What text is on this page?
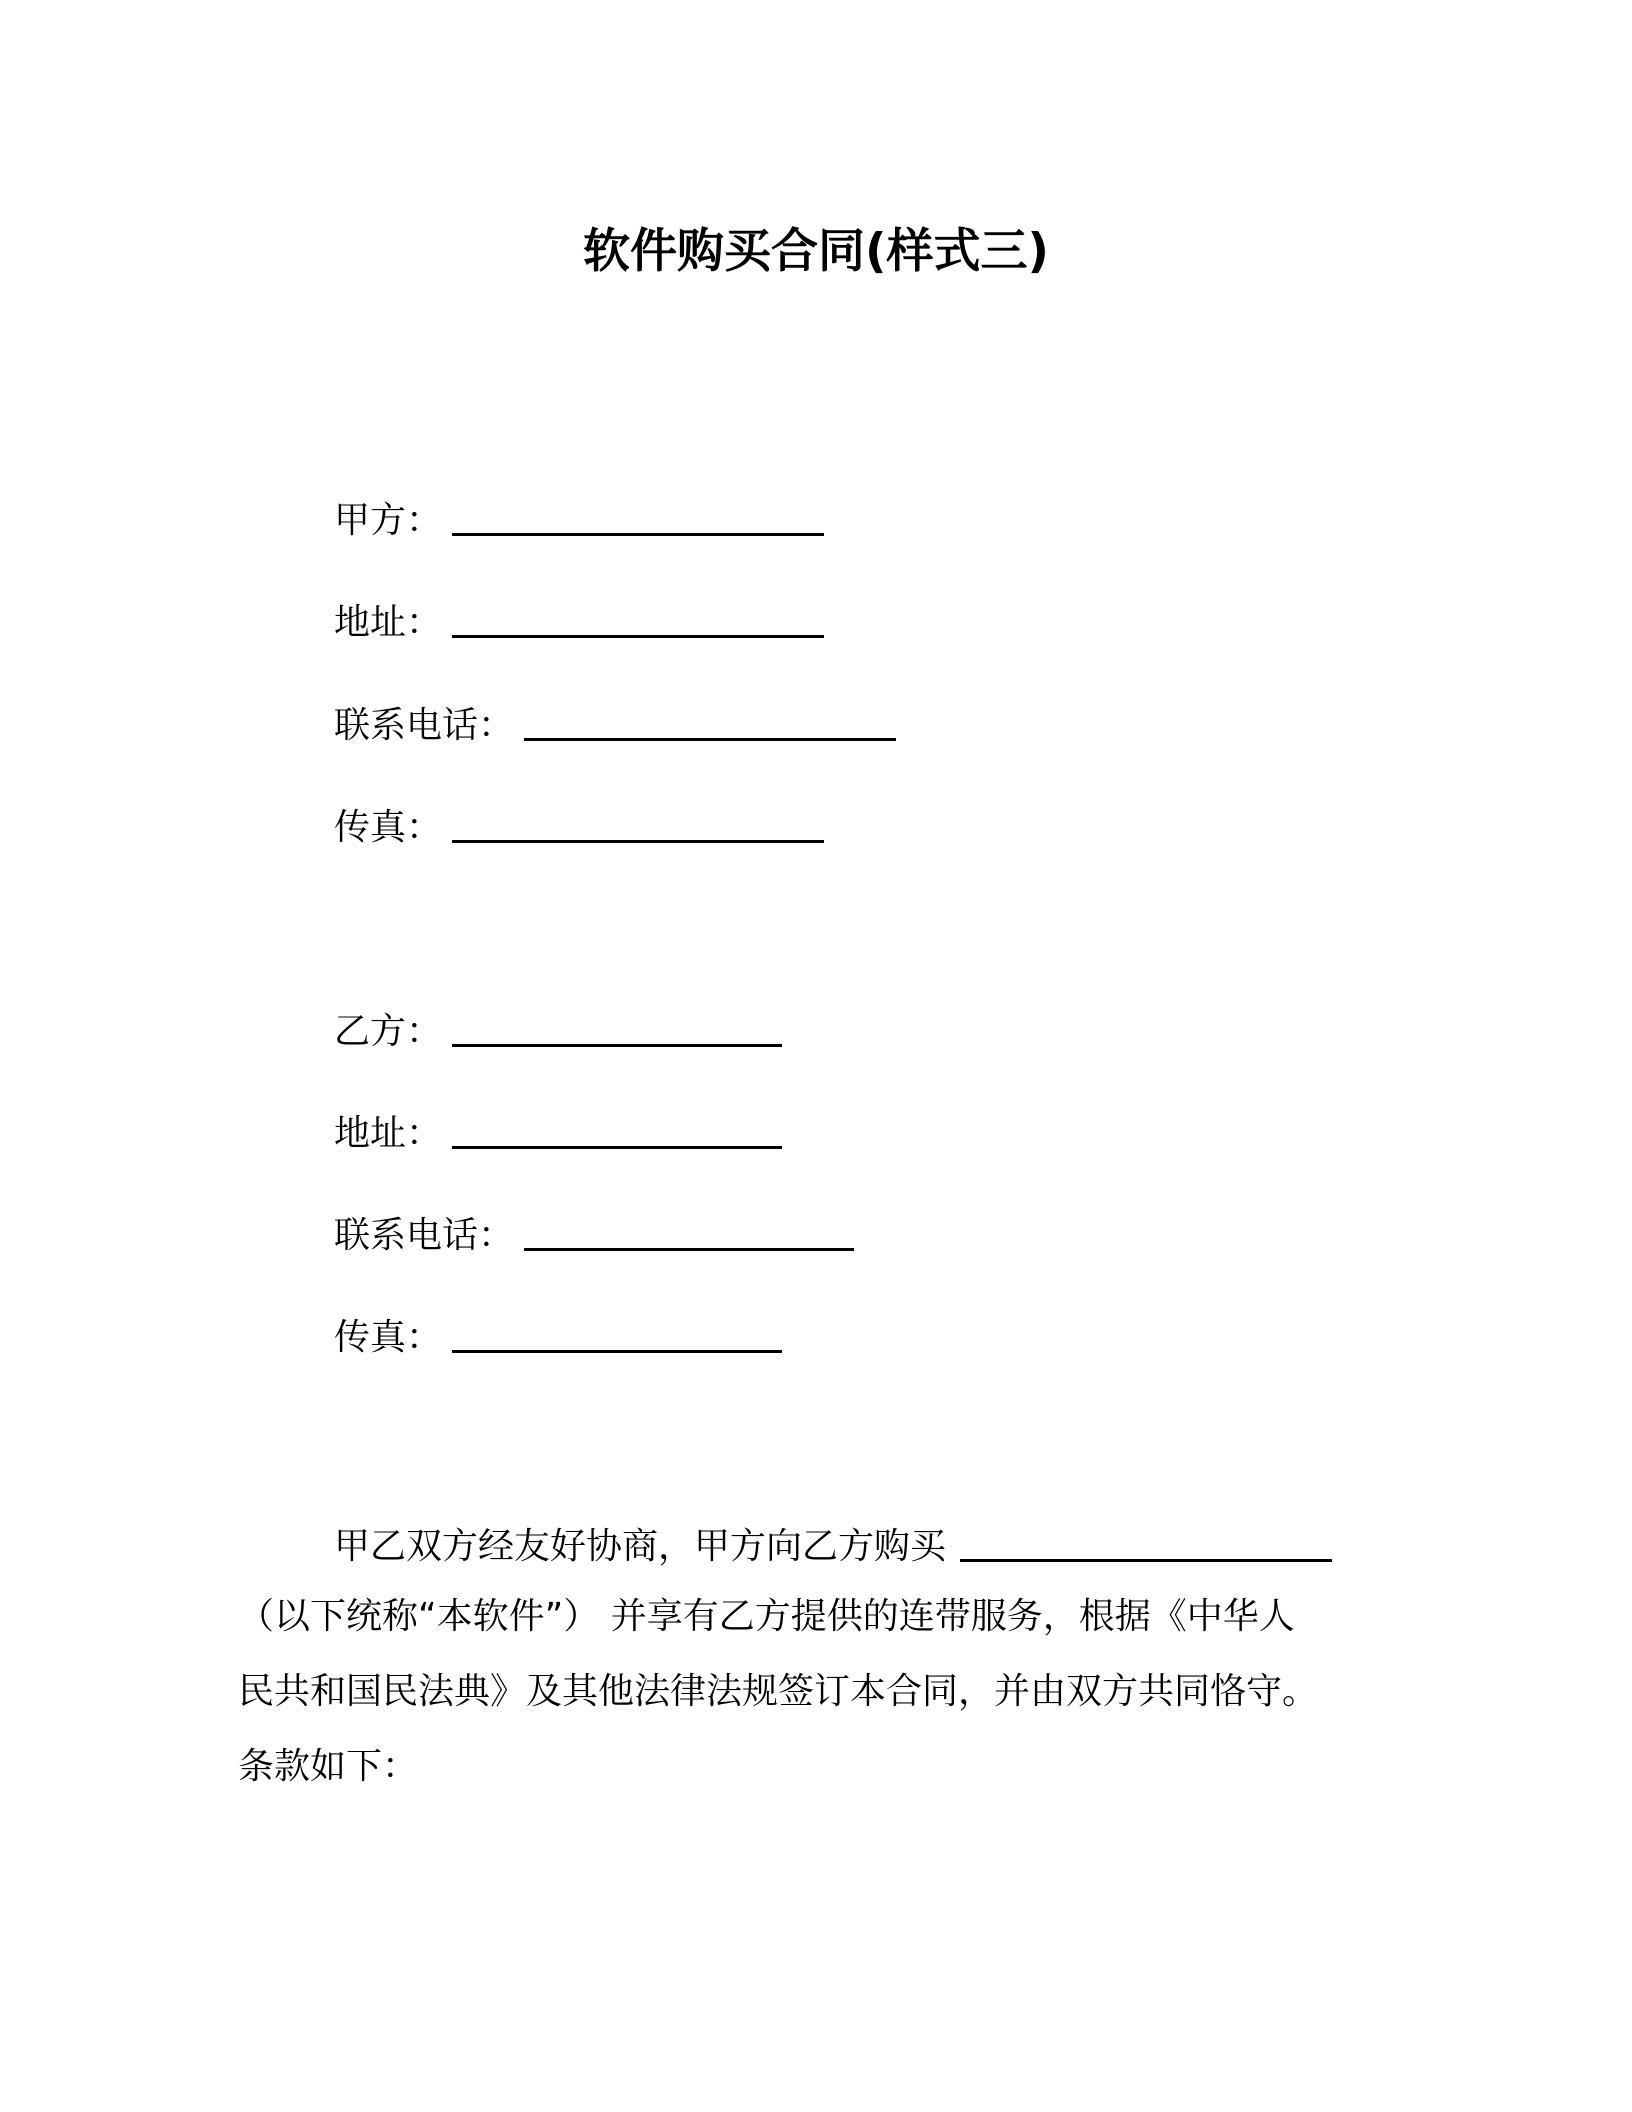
软件购买合同(样式三)
甲方：
地址：
联系电话：
传真：
乙方：
地址：
联系电话：
传真：
甲乙双方经友好协商，甲方向乙方购买
（以下统称“本软件”） 并享有乙方提供的连带服务，根据《中华人
民共和国民法典》及其他法律法规签订本合同，并由双方共同恪守。
条款如下：
